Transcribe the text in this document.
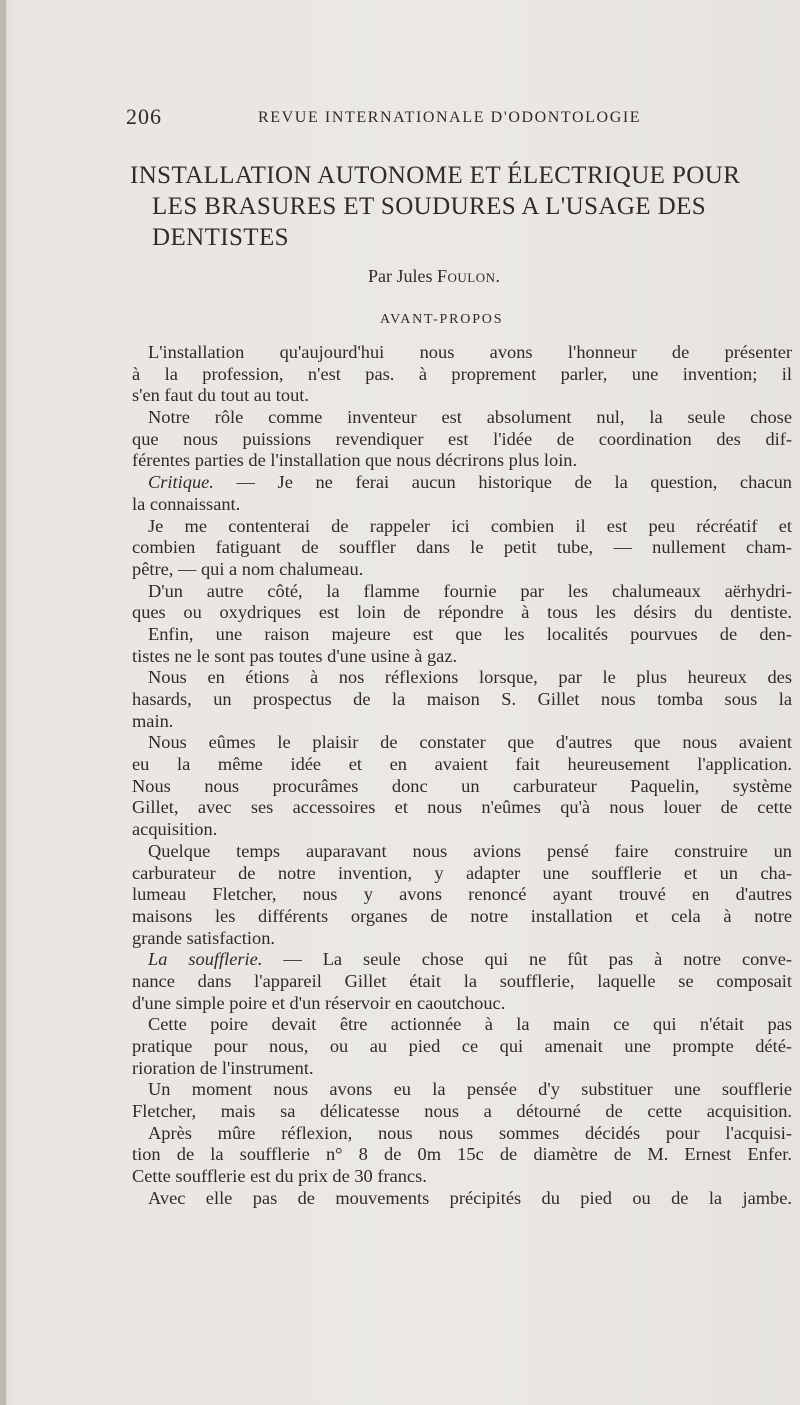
206	REVUE INTERNATIONALE D'ODONTOLOGIE
INSTALLATION AUTONOME ET ÉLECTRIQUE POUR
LES BRASURES ET SOUDURES A L'USAGE DES
DENTISTES
Par Jules Foulon.
AVANT-PROPOS
L'installation qu'aujourd'hui nous avons l'honneur de présenter
à la profession, n'est pas. à proprement parler, une invention; il
s'en faut du tout au tout.
Notre rôle comme inventeur est absolument nul, la seule chose
que nous puissions revendiquer est l'idée de coordination des dif-
férentes parties de l'installation que nous décrirons plus loin.
Critique. — Je ne ferai aucun historique de la question, chacun
la connaissant.
Je me contenterai de rappeler ici combien il est peu récréatif et
combien fatiguant de souffler dans le petit tube, — nullement cham-
pêtre, — qui a nom chalumeau.
D'un autre côté, la flamme fournie par les chalumeaux aërhydri-
ques ou oxydriques est loin de répondre à tous les désirs du dentiste.
Enfin, une raison majeure est que les localités pourvues de den-
tistes ne le sont pas toutes d'une usine à gaz.
Nous en étions à nos réflexions lorsque, par le plus heureux des
hasards, un prospectus de la maison S. Gillet nous tomba sous la
main.
Nous eûmes le plaisir de constater que d'autres que nous avaient
eu la même idée et en avaient fait heureusement l'application.
Nous nous procurâmes donc un carburateur Paquelin, système
Gillet, avec ses accessoires et nous n'eûmes qu'à nous louer de cette
acquisition.
Quelque temps auparavant nous avions pensé faire construire un
carburateur de notre invention, y adapter une soufflerie et un cha-
lumeau Fletcher, nous y avons renoncé ayant trouvé en d'autres
maisons les différents organes de notre installation et cela à notre
grande satisfaction.
La soufflerie. — La seule chose qui ne fût pas à notre conve-
nance dans l'appareil Gillet était la soufflerie, laquelle se composait
d'une simple poire et d'un réservoir en caoutchouc.
Cette poire devait être actionnée à la main ce qui n'était pas
pratique pour nous, ou au pied ce qui amenait une prompte dété-
rioration de l'instrument.
Un moment nous avons eu la pensée d'y substituer une soufflerie
Fletcher, mais sa délicatesse nous a détourné de cette acquisition.
Après mûre réflexion, nous nous sommes décidés pour l'acquisi-
tion de la soufflerie n° 8 de 0m 15c de diamètre de M. Ernest Enfer.
Cette soufflerie est du prix de 30 francs.
Avec elle pas de mouvements précipités du pied ou de la jambe.
